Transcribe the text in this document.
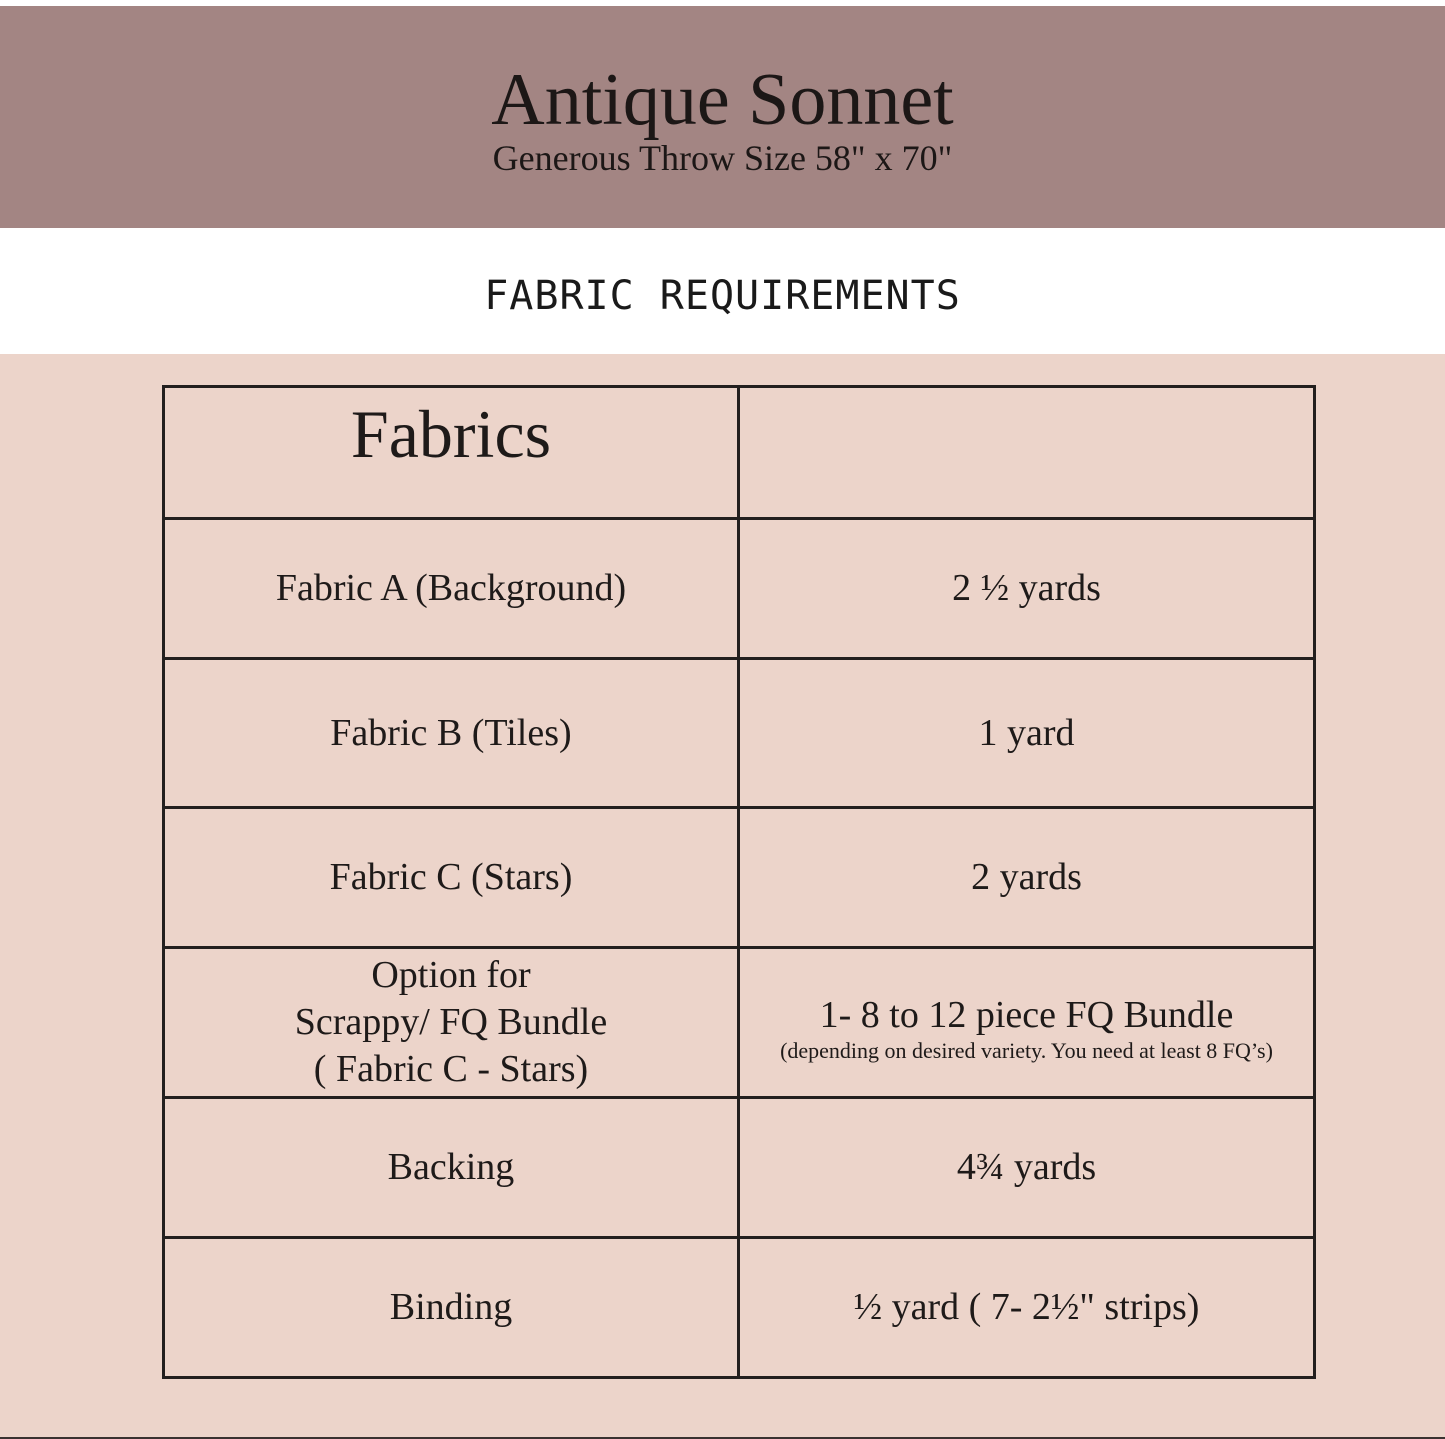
Antique Sonnet
Generous Throw Size 58" x 70"
FABRIC REQUIREMENTS
Fabrics	

Fabric A (Background)	2 ½ yards
Fabric B (Tiles)	1 yard
Fabric C (Stars)	2 yards

Option for
Scrappy/ FQ Bundle
( Fabric C - Stars)	1- 8 to 12 piece FQ Bundle
(depending on desired variety. You need at least 8 FQ’s)

Backing	4¾ yards
Binding	½ yard ( 7- 2½" strips)
